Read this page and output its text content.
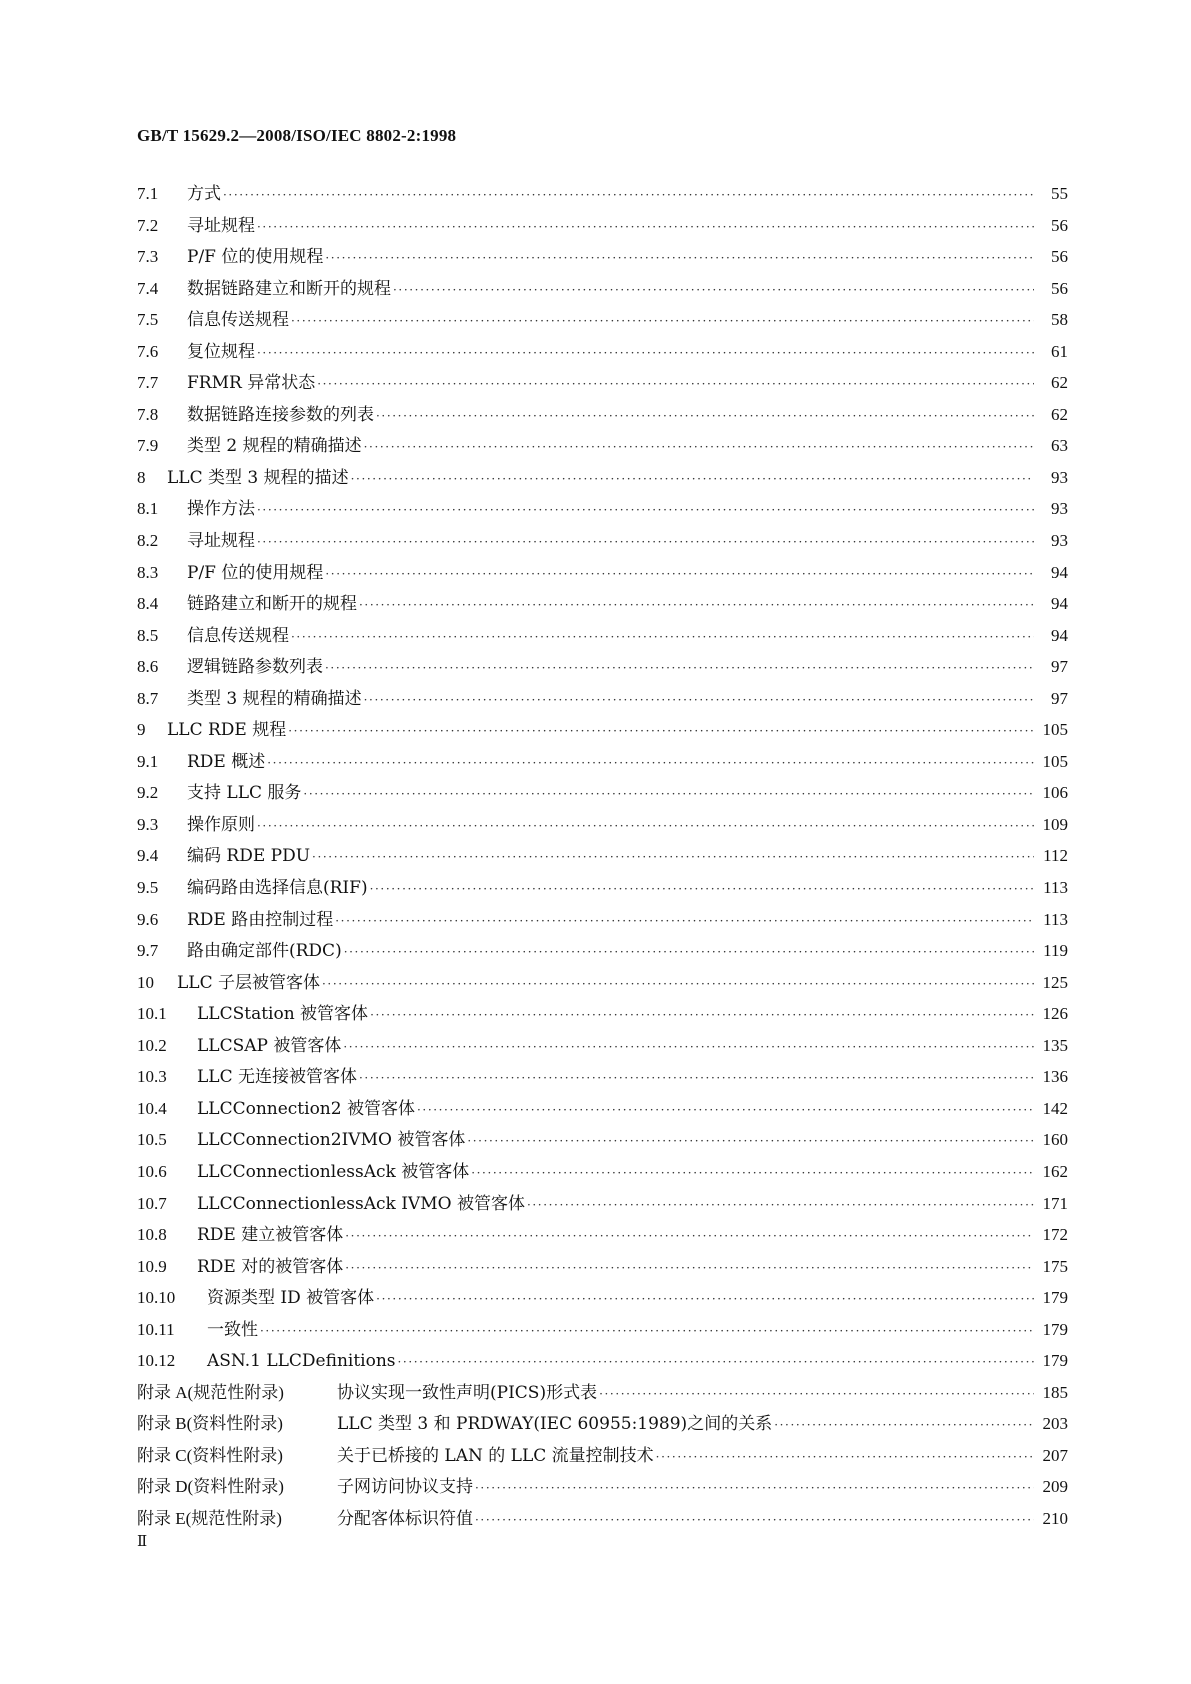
GB/T 15629.2—2008/ISO/IEC 8802-2:1998
7.1	方式 ·····	55
7.2	寻址规程 ·····	56
7.3	P/F 位的使用规程 ·····	56
7.4	数据链路建立和断开的规程 ·····	56
7.5	信息传送规程 ·····	58
7.6	复位规程 ·····	61
7.7	FRMR 异常状态 ·····	62
7.8	数据链路连接参数的列表 ·····	62
7.9	类型 2 规程的精确描述 ·····	63
8	LLC 类型 3 规程的描述 ·····	93
8.1	操作方法 ·····	93
8.2	寻址规程 ·····	93
8.3	P/F 位的使用规程 ·····	94
8.4	链路建立和断开的规程 ·····	94
8.5	信息传送规程 ·····	94
8.6	逻辑链路参数列表 ·····	97
8.7	类型 3 规程的精确描述 ·····	97
9	LLC RDE 规程 ·····	105
9.1	RDE 概述 ·····	105
9.2	支持 LLC 服务 ·····	106
9.3	操作原则 ·····	109
9.4	编码 RDE PDU ·····	112
9.5	编码路由选择信息(RIF) ·····	113
9.6	RDE 路由控制过程 ·····	113
9.7	路由确定部件(RDC) ·····	119
10	LLC 子层被管客体 ·····	125
10.1	LLCStation 被管客体 ·····	126
10.2	LLCSAP 被管客体 ·····	135
10.3	LLC 无连接被管客体 ·····	136
10.4	LLCConnection2 被管客体 ·····	142
10.5	LLCConnection2IVMO 被管客体 ·····	160
10.6	LLCConnectionlessAck 被管客体 ·····	162
10.7	LLCConnectionlessAck IVMO 被管客体 ·····	171
10.8	RDE 建立被管客体 ·····	172
10.9	RDE 对的被管客体 ·····	175
10.10	资源类型 ID 被管客体 ·····	179
10.11	一致性 ·····	179
10.12	ASN.1 LLCDefinitions ·····	179
附录 A(规范性附录)	协议实现一致性声明(PICS)形式表 ·····	185
附录 B(资料性附录)	LLC 类型 3 和 PRDWAY(IEC 60955:1989)之间的关系 ·····	203
附录 C(资料性附录)	关于已桥接的 LAN 的 LLC 流量控制技术 ·····	207
附录 D(资料性附录)	子网访问协议支持 ·····	209
附录 E(规范性附录)	分配客体标识符值 ·····	210
Ⅱ
